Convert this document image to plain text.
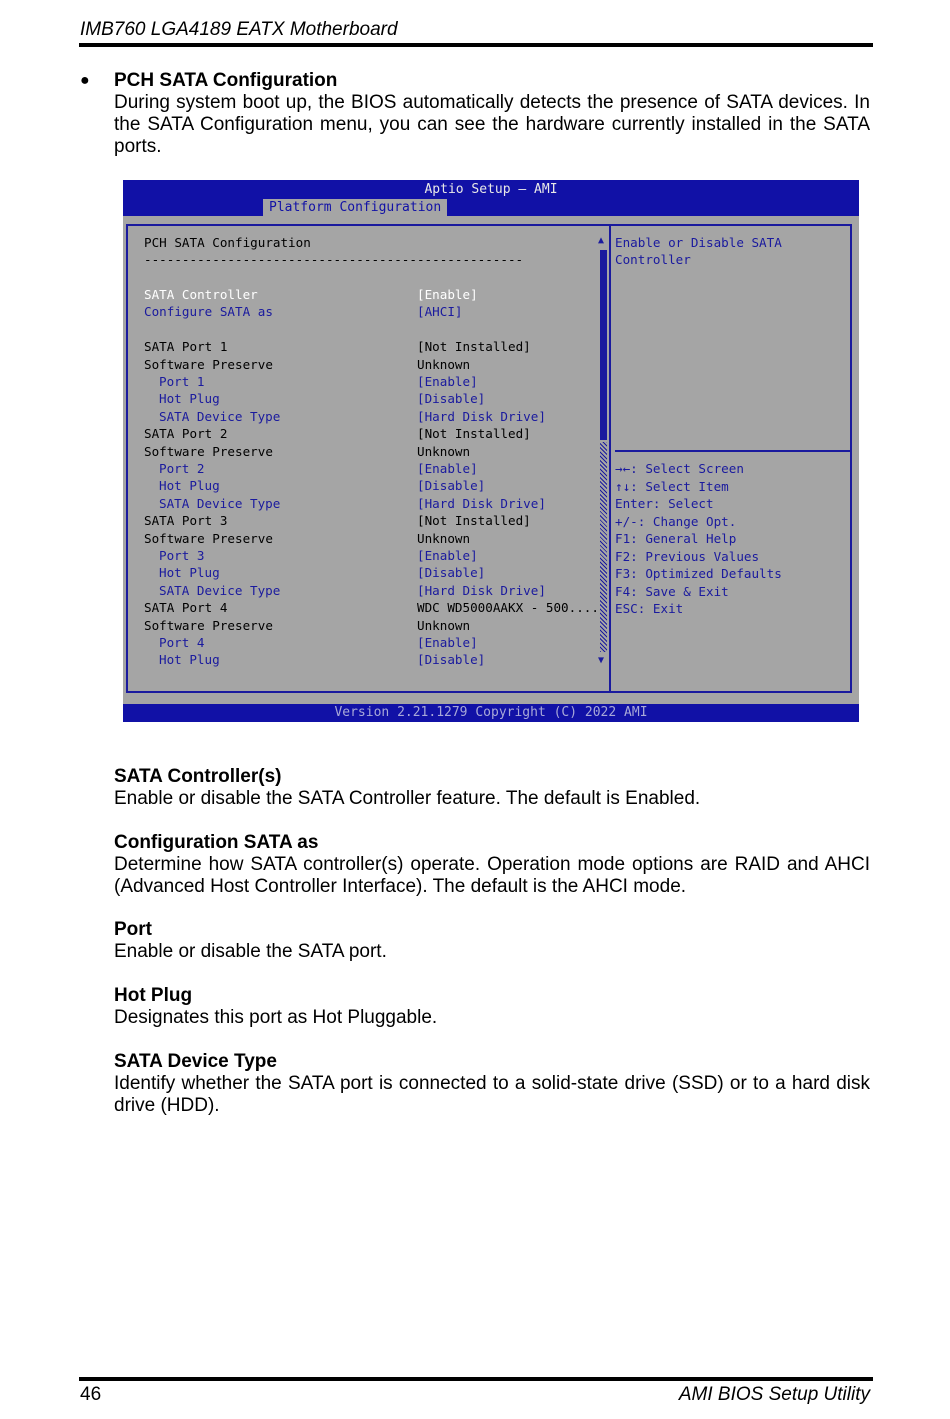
IMB760 LGA4189 EATX Motherboard
● PCH SATA Configuration
During system boot up, the BIOS automatically detects the presence of SATA devices. In the SATA Configuration menu, you can see the hardware currently installed in the SATA ports.
Aptio Setup – AMI
Platform Configuration
PCH SATA Configuration
--------------------------------------------------
SATA Controller	[Enable]
Configure SATA as	[AHCI]
SATA Port 1	[Not Installed]
Software Preserve	Unknown
Port 1	[Enable]
Hot Plug	[Disable]
SATA Device Type	[Hard Disk Drive]
SATA Port 2	[Not Installed]
Software Preserve	Unknown
Port 2	[Enable]
Hot Plug	[Disable]
SATA Device Type	[Hard Disk Drive]
SATA Port 3	[Not Installed]
Software Preserve	Unknown
Port 3	[Enable]
Hot Plug	[Disable]
SATA Device Type	[Hard Disk Drive]
SATA Port 4	WDC WD5000AAKX - 500....
Software Preserve	Unknown
Port 4	[Enable]
Hot Plug	[Disable]
▲
▼
Enable or Disable SATA Controller
→←: Select Screen
↑↓: Select Item
Enter: Select
+/-: Change Opt.
F1: General Help
F2: Previous Values
F3: Optimized Defaults
F4: Save & Exit
ESC: Exit
Version 2.21.1279 Copyright (C) 2022 AMI
SATA Controller(s)
Enable or disable the SATA Controller feature. The default is Enabled.
Configuration SATA as
Determine how SATA controller(s) operate. Operation mode options are RAID and AHCI (Advanced Host Controller Interface). The default is the AHCI mode.
Port
Enable or disable the SATA port.
Hot Plug
Designates this port as Hot Pluggable.
SATA Device Type
Identify whether the SATA port is connected to a solid-state drive (SSD) or to a hard disk drive (HDD).
46	AMI BIOS Setup Utility
